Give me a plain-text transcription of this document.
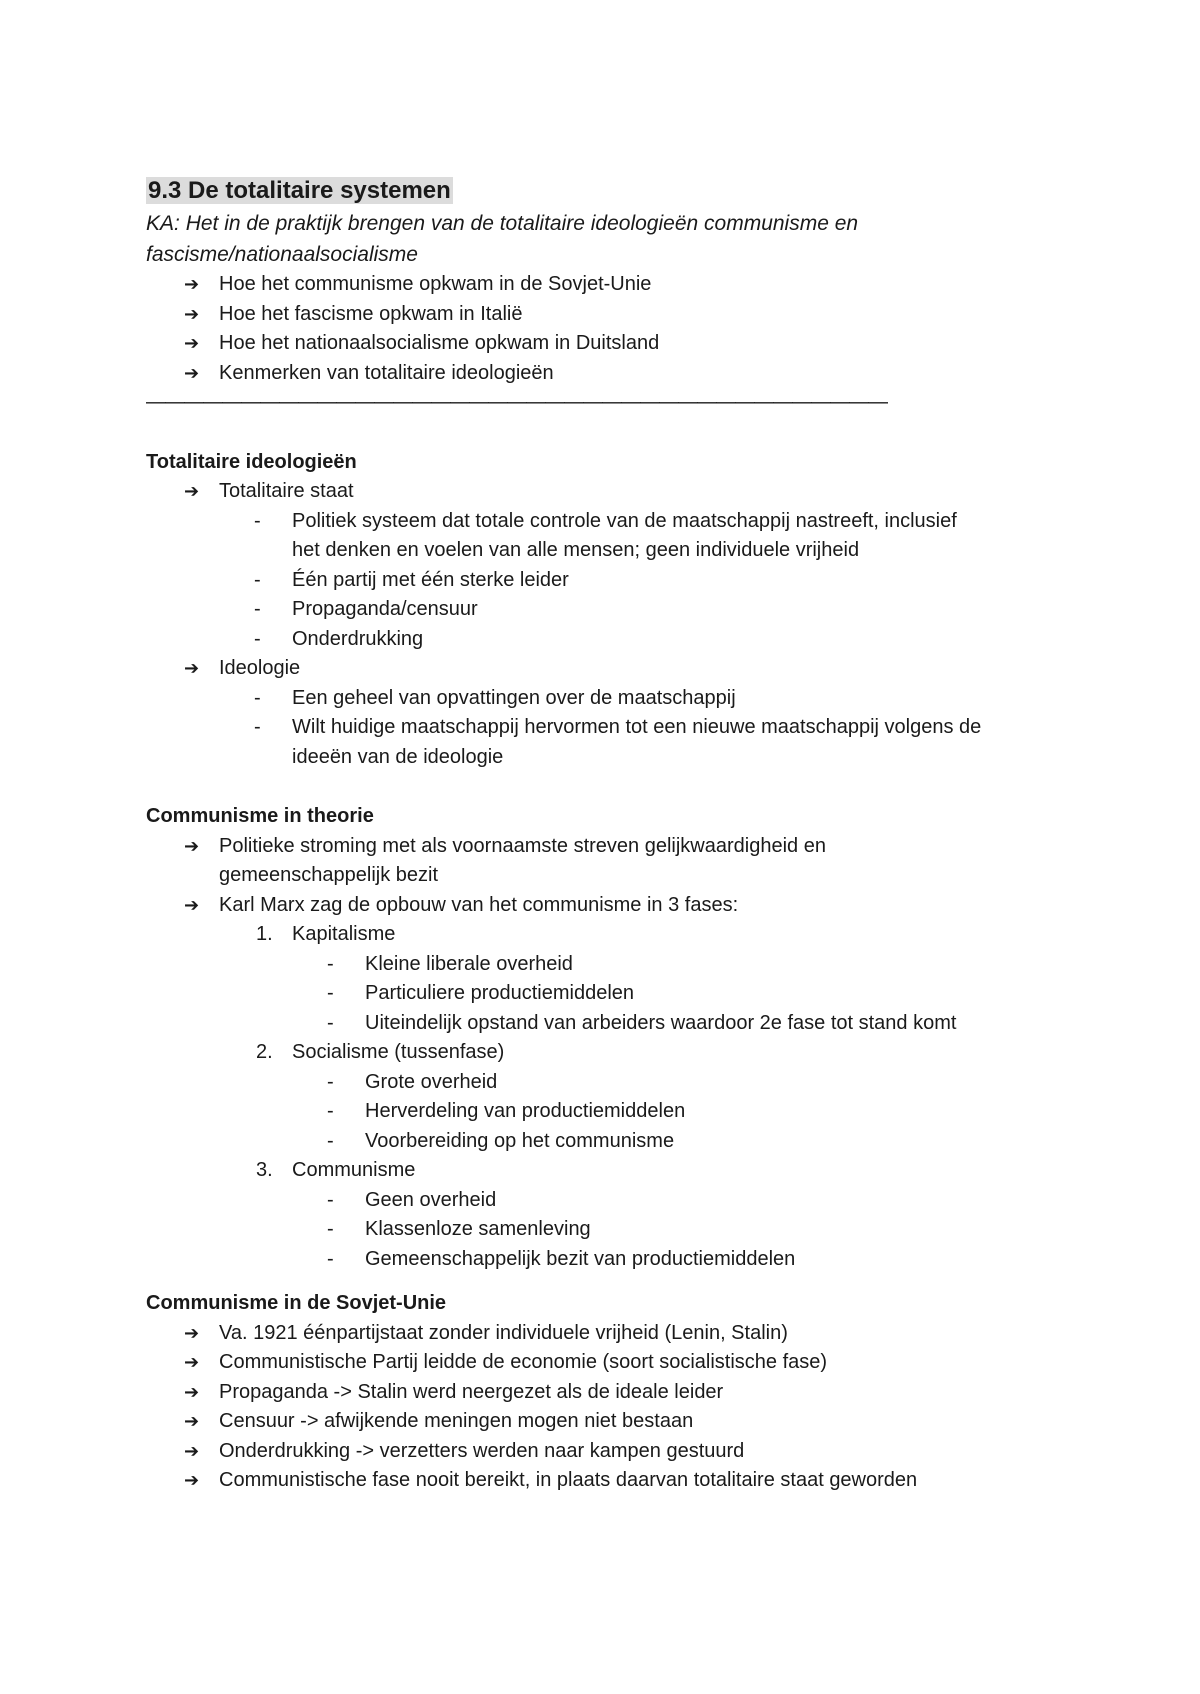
9.3 De totalitaire systemen
KA: Het in de praktijk brengen van de totalitaire ideologieën communisme en
fascisme/nationaalsocialisme
➔ Hoe het communisme opkwam in de Sovjet-Unie
➔ Hoe het fascisme opkwam in Italië
➔ Hoe het nationaalsocialisme opkwam in Duitsland
➔ Kenmerken van totalitaire ideologieën
———————————————————————————————————————
Totalitaire ideologieën
➔ Totalitaire staat
- Politiek systeem dat totale controle van de maatschappij nastreeft, inclusief
het denken en voelen van alle mensen; geen individuele vrijheid
- Één partij met één sterke leider
- Propaganda/censuur
- Onderdrukking
➔ Ideologie
- Een geheel van opvattingen over de maatschappij
- Wilt huidige maatschappij hervormen tot een nieuwe maatschappij volgens de
ideeën van de ideologie
Communisme in theorie
➔ Politieke stroming met als voornaamste streven gelijkwaardigheid en
gemeenschappelijk bezit
➔ Karl Marx zag de opbouw van het communisme in 3 fases:
1. Kapitalisme
- Kleine liberale overheid
- Particuliere productiemiddelen
- Uiteindelijk opstand van arbeiders waardoor 2e fase tot stand komt
2. Socialisme (tussenfase)
- Grote overheid
- Herverdeling van productiemiddelen
- Voorbereiding op het communisme
3. Communisme
- Geen overheid
- Klassenloze samenleving
- Gemeenschappelijk bezit van productiemiddelen
Communisme in de Sovjet-Unie
➔ Va. 1921 éénpartijstaat zonder individuele vrijheid (Lenin, Stalin)
➔ Communistische Partij leidde de economie (soort socialistische fase)
➔ Propaganda -> Stalin werd neergezet als de ideale leider
➔ Censuur -> afwijkende meningen mogen niet bestaan
➔ Onderdrukking -> verzetters werden naar kampen gestuurd
➔ Communistische fase nooit bereikt, in plaats daarvan totalitaire staat geworden
